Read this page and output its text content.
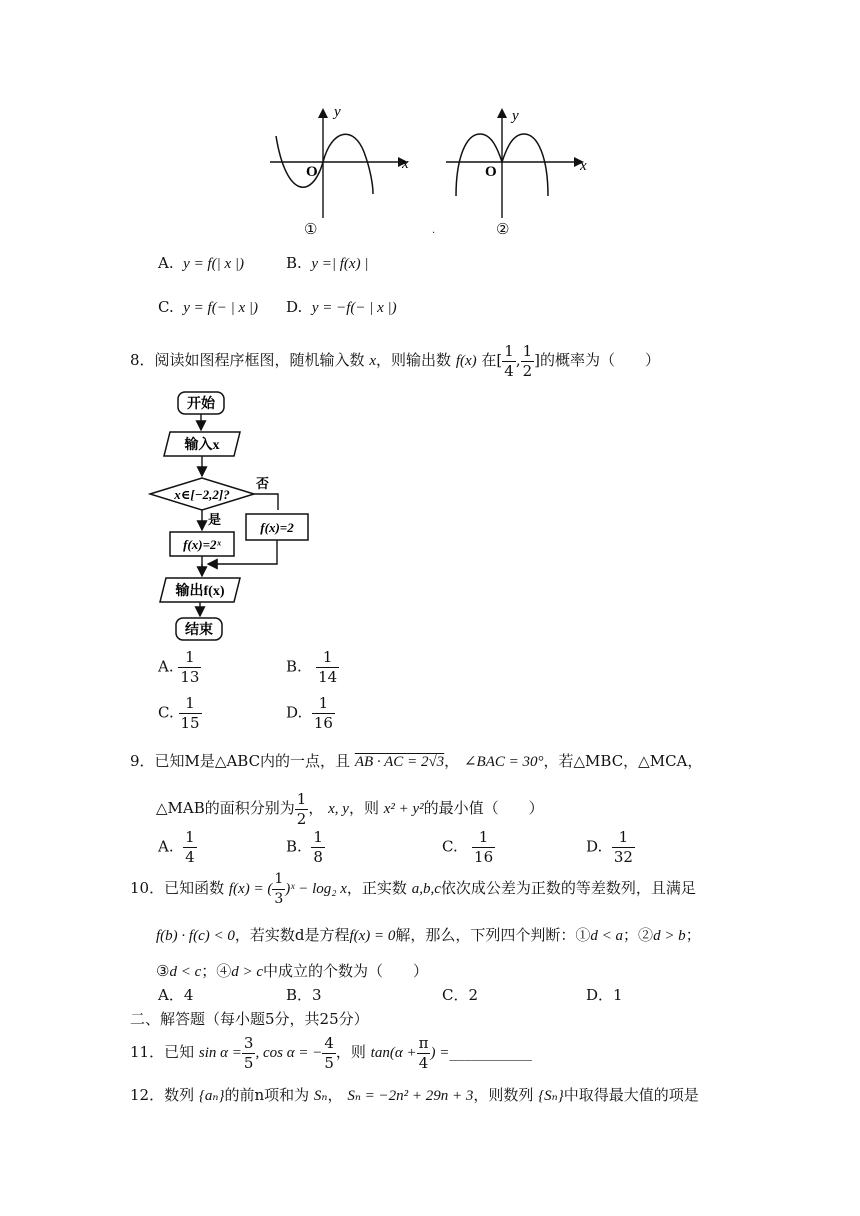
y
x
O
y
x
O
①	.	②
A. y = f(| x |)	B. y =| f(x) |
C. y = f(− | x |) D. y = −f(− | x |)
8．阅读如图程序框图，随机输入数 x，则输出数 f(x) 在[ $\frac{1}{4}$ , $\frac{1}{2}$ ]的概率为（　　）
开始
输入x
x∈[−2,2]?
否
f(x)=2
是
f(x)=2ˣ
输出f(x)
结束
A. $\frac{1}{13}$	B. $\frac{1}{14}$
C. $\frac{1}{15}$	D. $\frac{1}{16}$
9．已知M是△ABC内的一点，且 AB · AC = 2√3， ∠BAC = 30°，若△MBC，△MCA，
△MAB的面积分别为 $\frac{1}{2}$ ， x, y，则 x² + y²的最小值（　　）
A. $\frac{1}{4}$	B. $\frac{1}{8}$	C. $\frac{1}{16}$	D. $\frac{1}{32}$
10．已知函数 f(x) = ( $\frac{1}{3}$ )ˣ − log₂ x，正实数 a,b,c依次成公差为正数的等差数列，且满足
f(b) · f(c) < 0，若实数d是方程f(x) = 0解，那么，下列四个判断：①d < a；②d > b；
③d < c；④d > c中成立的个数为（　　）
A．4	B．3	C．2	D．1
二、解答题（每小题5分，共25分）
11．已知 $\sin \alpha = \frac{3}{5}$ , cos α = − $\frac{4}{5}$ ，则 $\tan(\alpha + \frac{\pi}{4}$ ) =___________
12．数列 {aₙ}的前n项和为 Sₙ， Sₙ = −2n² + 29n + 3，则数列 {Sₙ}中取得最大值的项是
